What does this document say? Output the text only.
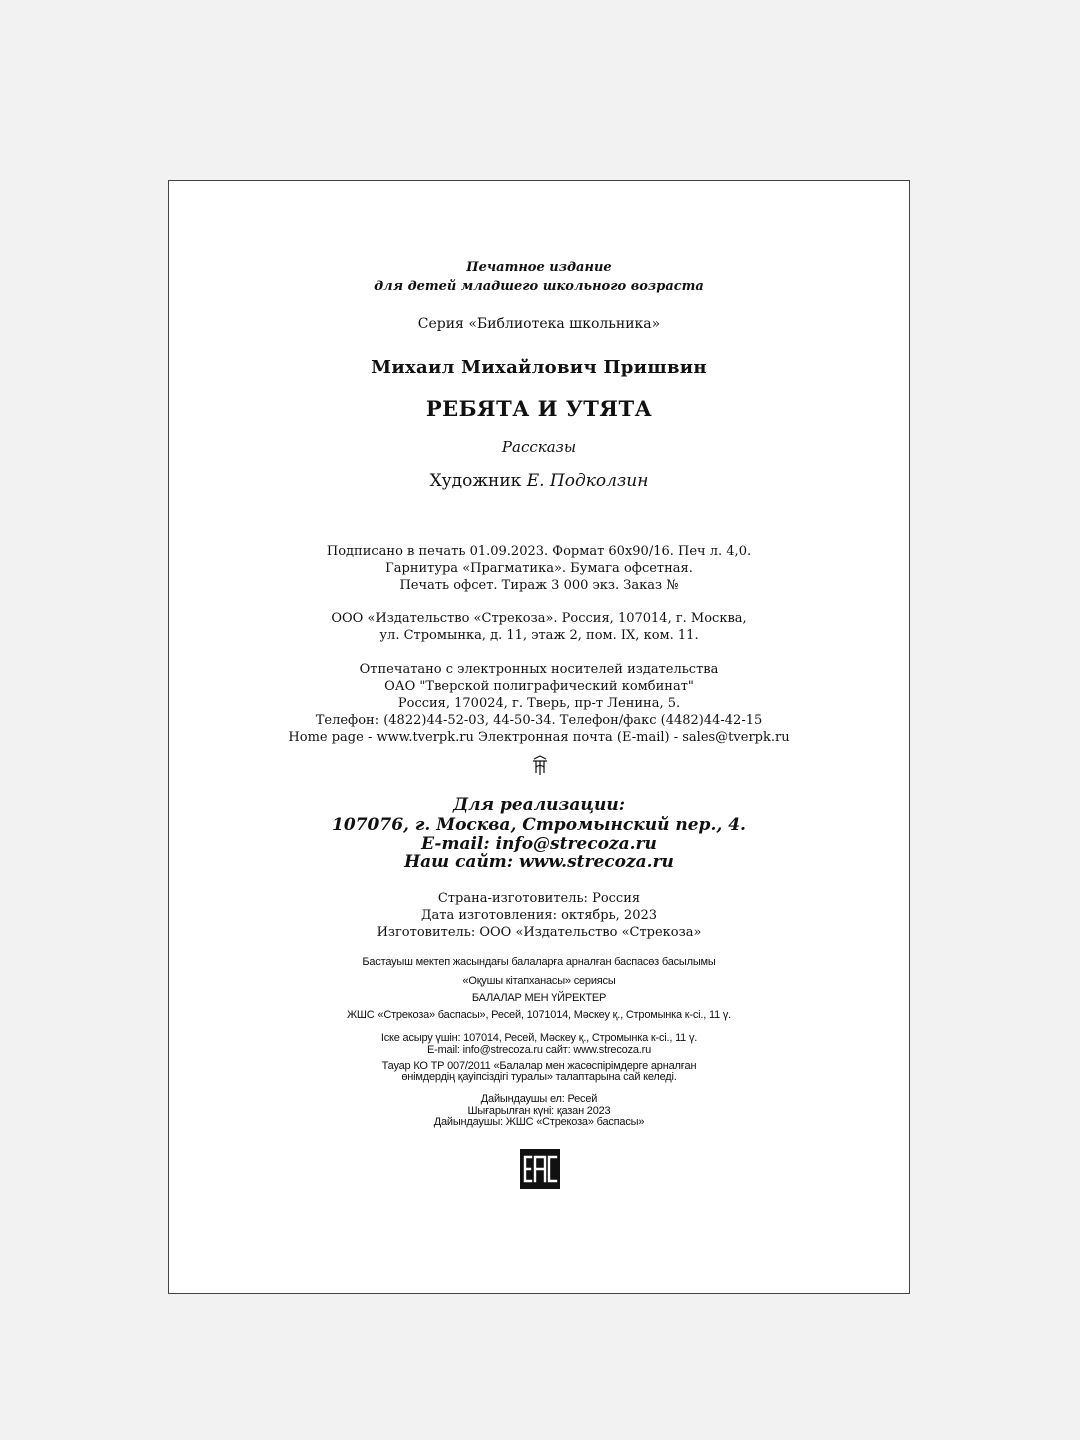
Печатное издание
для детей младшего школьного возраста
Серия «Библиотека школьника»
Михаил Михайлович Пришвин
РЕБЯТА И УТЯТА
Рассказы
Художник Е. Подколзин
Подписано в печать 01.09.2023. Формат 60х90/16. Печ л. 4,0.
Гарнитура «Прагматика». Бумага офсетная.
Печать офсет. Тираж 3 000 экз. Заказ №
ООО «Издательство «Стрекоза». Россия, 107014, г. Москва,
ул. Стромынка, д. 11, этаж 2, пом. IX, ком. 11.
Отпечатано с электронных носителей издательства
ОАО "Тверской полиграфический комбинат"
Россия, 170024, г. Тверь, пр-т Ленина, 5.
Телефон: (4822)44-52-03, 44-50-34. Телефон/факс (4482)44-42-15
Home page - www.tverpk.ru Электронная почта (E-mail) - sales@tverpk.ru
Для реализации:
107076, г. Москва, Стромынский пер., 4.
E-mail: info@strecoza.ru
Наш сайт: www.strecoza.ru
Страна-изготовитель: Россия
Дата изготовления: октябрь, 2023
Изготовитель: ООО «Издательство «Стрекоза»
Бастауыш мектеп жасындағы балаларға арналған баспасөз басылымы
«Оқушы кітапханасы» сериясы
БАЛАЛАР МЕН ҮЙРЕКТЕР
ЖШС «Стрекоза» баспасы», Ресей, 1071014, Мәскеу қ., Стромынка к-сі., 11 ү.
Іске асыру үшін: 107014, Ресей, Мәскеу қ., Стромынка к-сі., 11 ү.
E-mail: info@strecoza.ru сайт: www.strecoza.ru
Тауар КО ТР 007/2011 «Балалар мен жасөспірімдерге арналған
өнімдердің қауіпсіздігі туралы» талаптарына сай келеді.
Дайындаушы ел: Ресей
Шығарылған күні: қазан 2023
Дайындаушы: ЖШС «Стрекоза» баспасы»
